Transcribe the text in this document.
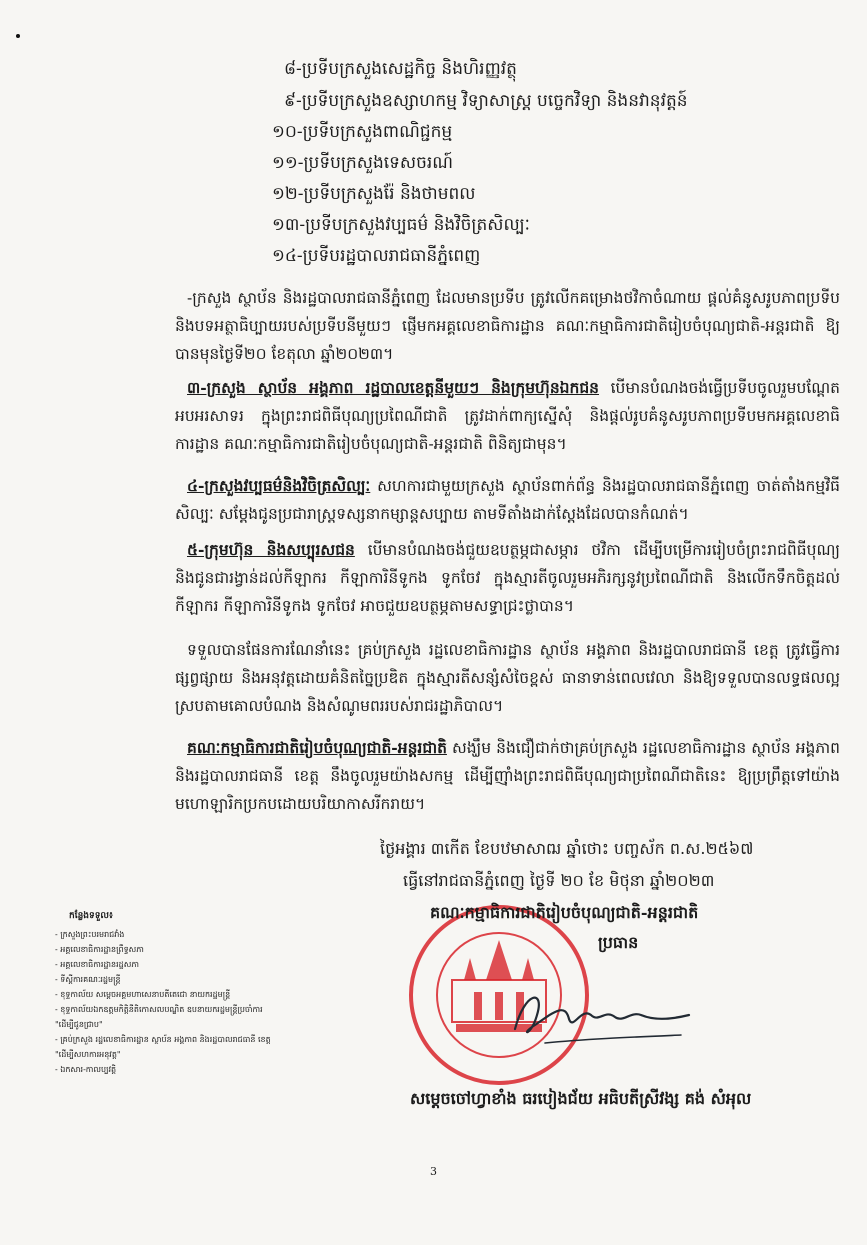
៨-ប្រទីបក្រសួងសេដ្ឋកិច្ច និងហិរញ្ញវត្ថុ
៩-ប្រទីបក្រសួងឧស្សាហកម្ម វិទ្យាសាស្ត្រ បច្ចេកវិទ្យា និងនវានុវត្តន៍
១០-ប្រទីបក្រសួងពាណិជ្ជកម្ម
១១-ប្រទីបក្រសួងទេសចរណ៍
១២-ប្រទីបក្រសួងរ៉ែ និងថាមពល
១៣-ប្រទីបក្រសួងវប្បធម៌ និងវិចិត្រសិល្បៈ
១៤-ប្រទីបរដ្ឋបាលរាជធានីភ្នំពេញ
-ក្រសួង ស្ថាប័ន និងរដ្ឋបាលរាជធានីភ្នំពេញ ដែលមានប្រទីប ត្រូវលើកគម្រោងថវិកាចំណាយ ផ្តល់គំនូសរូបភាពប្រទីប និងបទអត្ថាធិប្បាយរបស់ប្រទីបនីមួយៗ ផ្ញើមកអគ្គលេខាធិការដ្ឋាន គណៈកម្មាធិការជាតិរៀបចំបុណ្យជាតិ-អន្តរជាតិ ឱ្យបានមុនថ្ងៃទី២០ ខែតុលា ឆ្នាំ២០២៣។
៣-ក្រសួង ស្ថាប័ន អង្គភាព រដ្ឋបាលខេត្តនីមួយៗ និងក្រុមហ៊ុនឯកជន បើមានបំណងចង់ធ្វើប្រទីបចូលរួមបណ្តែតអបអរសាទរ ក្នុងព្រះរាជពិធីបុណ្យប្រពៃណីជាតិ ត្រូវដាក់ពាក្យស្នើសុំ និងផ្តល់រូបគំនូសរូបភាពប្រទីបមកអគ្គលេខាធិការដ្ឋាន គណៈកម្មាធិការជាតិរៀបចំបុណ្យជាតិ-អន្តរជាតិ ពិនិត្យជាមុន។
៤-ក្រសួងវប្បធម៌និងវិចិត្រសិល្បៈ សហការជាមួយក្រសួង ស្ថាប័នពាក់ព័ន្ធ និងរដ្ឋបាលរាជធានីភ្នំពេញ ចាត់តាំងកម្មវិធីសិល្បៈ សម្តែងជូនប្រជារាស្ត្រទស្សនាកម្សាន្តសប្បាយ តាមទីតាំងដាក់ស្តែងដែលបានកំណត់។
៥-ក្រុមហ៊ុន និងសប្បុរសជន បើមានបំណងចង់ជួយឧបត្ថម្ភជាសម្ភារ ថវិកា ដើម្បីបម្រើការរៀបចំព្រះរាជពិធីបុណ្យ និងជូនជារង្វាន់ដល់កីឡាករ កីឡាការិនីទូកង ទូកចែវ ក្នុងស្មារតីចូលរួមអភិរក្សនូវប្រពៃណីជាតិ និងលើកទឹកចិត្តដល់ កីឡាករ កីឡាការិនីទូកង ទូកចែវ អាចជួយឧបត្ថម្ភតាមសទ្ធាជ្រះថ្លាបាន។
ទទួលបានផែនការណែនាំនេះ គ្រប់ក្រសួង រដ្ឋលេខាធិការដ្ឋាន ស្ថាប័ន អង្គភាព និងរដ្ឋបាលរាជធានី ខេត្ត ត្រូវធ្វើការផ្សព្វផ្សាយ និងអនុវត្តដោយគំនិតច្នៃប្រឌិត ក្នុងស្មារតីសន្សំសំចៃខ្ពស់ ធានាទាន់ពេលវេលា និងឱ្យទទួលបានលទ្ធផលល្អស្របតាមគោលបំណង និងសំណូមពររបស់រាជរដ្ឋាភិបាល។
គណៈកម្មាធិការជាតិរៀបចំបុណ្យជាតិ-អន្តរជាតិ សង្ឃឹម និងជឿជាក់ថាគ្រប់ក្រសួង រដ្ឋលេខាធិការដ្ឋាន ស្ថាប័ន អង្គភាព និងរដ្ឋបាលរាជធានី ខេត្ត នឹងចូលរួមយ៉ាងសកម្ម ដើម្បីញ៉ាំងព្រះរាជពិធីបុណ្យជាប្រពៃណីជាតិនេះ ឱ្យប្រព្រឹត្តទៅយ៉ាងមហោឡារិកប្រកបដោយបរិយាកាសរីករាយ។
ថ្ងៃអង្គារ ៣កើត ខែបឋមាសាឍ ឆ្នាំថោះ បញ្ចស័ក ព.ស.២៥៦៧
ធ្វើនៅរាជធានីភ្នំពេញ ថ្ងៃទី ២០ ខែ មិថុនា ឆ្នាំ២០២៣
គណៈកម្មាធិការជាតិរៀបចំបុណ្យជាតិ-អន្តរជាតិ
ប្រធាន
កន្លែងទទួល៖
- ក្រសួងព្រះបរមរាជវាំង
- អគ្គលេខាធិការដ្ឋានព្រឹទ្ធសភា
- អគ្គលេខាធិការដ្ឋានរដ្ឋសភា
- ទីស្តីការគណៈរដ្ឋមន្ត្រី
- ខុទ្ទកាល័យ សម្តេចអគ្គមហាសេនាបតីតេជោ នាយករដ្ឋមន្ត្រី
- ខុទ្ទកាល័យឯកឧត្តមកិត្តិនីតិកោសលបណ្ឌិត ឧបនាយករដ្ឋមន្ត្រីប្រចាំការ
"ដើម្បីជូនជ្រាប"
- គ្រប់ក្រសួង រដ្ឋលេខាធិការដ្ឋាន ស្ថាប័ន អង្គភាព និងរដ្ឋបាលរាជធានី ខេត្ត
"ដើម្បីសហការអនុវត្ត"
- ឯកសារ-កាលប្បវត្តិ
សម្តេចចៅហ្វាខាំង ធរបៀងជ័យ អធិបតីស្រីវង្ស គង់ សំអុល
3
